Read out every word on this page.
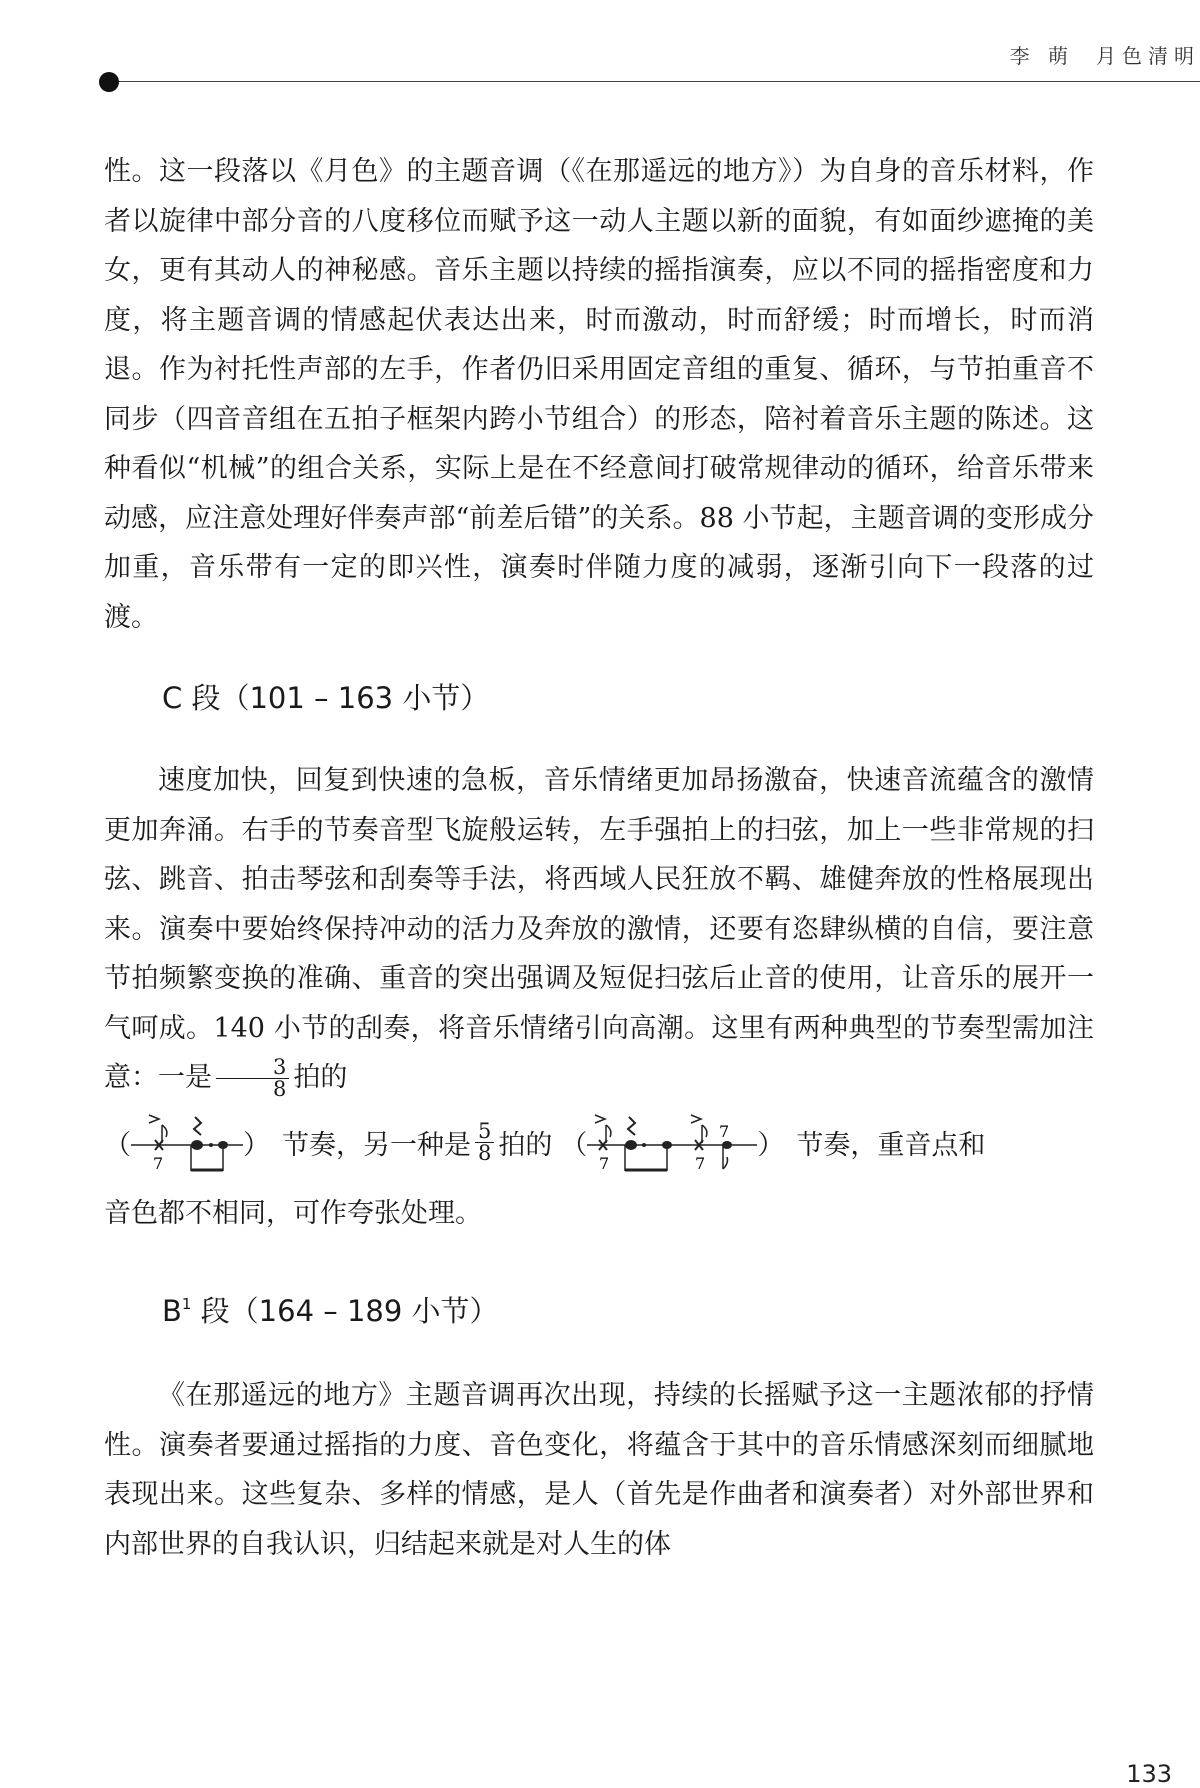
李 萌 月色清明

性。这一段落以《月色》的主题音调（《在那遥远的地方》）为自身的音乐材料，作者以旋律中部分音的八度移位而赋予这一动人主题以新的面貌，有如面纱遮掩的美女，更有其动人的神秘感。音乐主题以持续的摇指演奏，应以不同的摇指密度和力度，将主题音调的情感起伏表达出来，时而激动，时而舒缓；时而增长，时而消退。作为衬托性声部的左手，作者仍旧采用固定音组的重复、循环，与节拍重音不同步（四音音组在五拍子框架内跨小节组合）的形态，陪衬着音乐主题的陈述。这种看似“机械”的组合关系，实际上是在不经意间打破常规律动的循环，给音乐带来动感，应注意处理好伴奏声部“前差后错”的关系。88 小节起，主题音调的变形成分加重，音乐带有一定的即兴性，演奏时伴随力度的减弱，逐渐引向下一段落的过渡。

C 段（101 – 163 小节）

速度加快，回复到快速的急板，音乐情绪更加昂扬激奋，快速音流蕴含的激情更加奔涌。右手的节奏音型飞旋般运转，左手强拍上的扫弦，加上一些非常规的扫弦、跳音、拍击琴弦和刮奏等手法，将西域人民狂放不羁、雄健奔放的性格展现出来。演奏中要始终保持冲动的活力及奔放的激情，还要有恣肆纵横的自信，要注意节拍频繁变换的准确、重音的突出强调及短促扫弦后止音的使用，让音乐的展开一气呵成。140 小节的刮奏，将音乐情绪引向高潮。这里有两种典型的节奏型需加注意：一是 $\frac{3}{8}$ 拍的

（
7
） 节奏，另一种是 $\frac{5}{8}$ 拍的 （
7	7
7 ） 节奏，重音点和

音色都不相同，可作夸张处理。

$B^1$ 段（164 – 189 小节）

《在那遥远的地方》主题音调再次出现，持续的长摇赋予这一主题浓郁的抒情性。演奏者要通过摇指的力度、音色变化，将蕴含于其中的音乐情感深刻而细腻地表现出来。这些复杂、多样的情感，是人（首先是作曲者和演奏者）对外部世界和内部世界的自我认识，归结起来就是对人生的体

133
